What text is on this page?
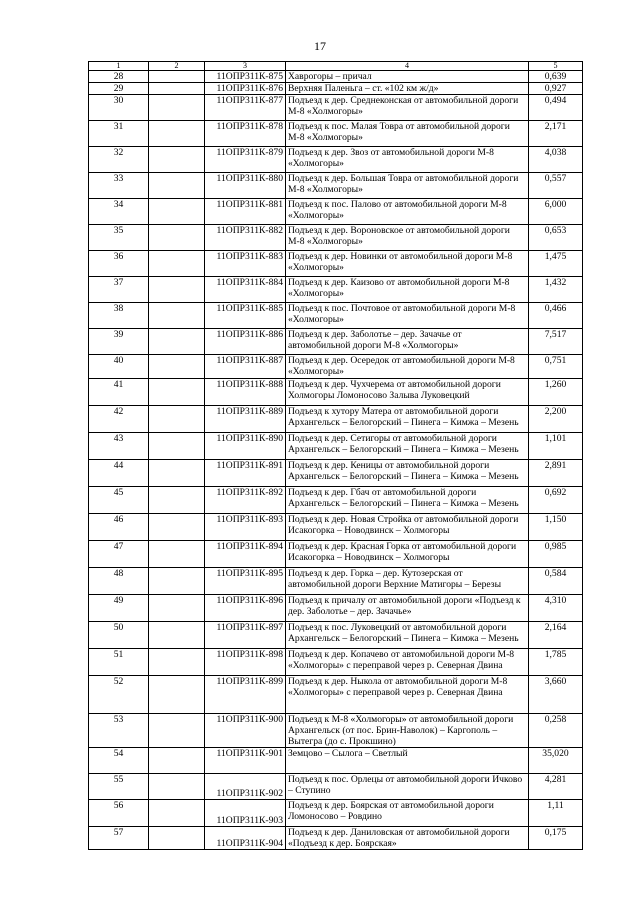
17
1	2	3	4	5
28		11ОПР311К-875	Хаврогоры – причал	0,639
29		11ОПР311К-876	Верхняя Паленьга – ст. «102 км ж/д»	0,927
30		11ОПР311К-877	Подъезд к дер. Среднеконская от автомобильной дороги М-8 «Холмогоры»	0,494
31		11ОПР311К-878	Подъезд к пос. Малая Товра от автомобильной дороги М-8 «Холмогоры»	2,171
32		11ОПР311К-879	Подъезд к дер. Звоз от автомобильной дороги М-8 «Холмогоры»	4,038
33		11ОПР311К-880	Подъезд к дер. Большая Товра от автомобильной дороги М-8 «Холмогоры»	0,557
34		11ОПР311К-881	Подъезд к пос. Палово от автомобильной дороги М-8 «Холмогоры»	6,000
35		11ОПР311К-882	Подъезд к дер. Вороновское от автомобильной дороги М-8 «Холмогоры»	0,653
36		11ОПР311К-883	Подъезд к дер. Новинки от автомобильной дороги М-8 «Холмогоры»	1,475
37		11ОПР311К-884	Подъезд к дер. Каизово от автомобильной дороги М-8 «Холмогоры»	1,432
38		11ОПР311К-885	Подъезд к пос. Почтовое от автомобильной дороги М-8 «Холмогоры»	0,466
39		11ОПР311К-886	Подъезд к дер. Заболотье – дер. Зачачье от автомобильной дороги М-8 «Холмогоры»	7,517
40		11ОПР311К-887	Подъезд к дер. Осередок от автомобильной дороги М-8 «Холмогоры»	0,751
41		11ОПР311К-888	Подъезд к дер. Чухчерема от автомобильной дороги Холмогоры Ломоносово Залыва Луковецкий	1,260
42		11ОПР311К-889	Подъезд к хутору Матера от автомобильной дороги Архангельск – Белогорский – Пинега – Кимжа – Мезень	2,200
43		11ОПР311К-890	Подъезд к дер. Сетигоры от автомобильной дороги Архангельск – Белогорский – Пинега – Кимжа – Мезень	1,101
44		11ОПР311К-891	Подъезд к дер. Кеницы от автомобильной дороги Архангельск – Белогорский – Пинега – Кимжа – Мезень	2,891
45		11ОПР311К-892	Подъезд к дер. Гбач от автомобильной дороги Архангельск – Белогорский – Пинега – Кимжа – Мезень	0,692
46		11ОПР311К-893	Подъезд к дер. Новая Стройка от автомобильной дороги Исакогорка – Новодвинск – Холмогоры	1,150
47		11ОПР311К-894	Подъезд к дер. Красная Горка от автомобильной дороги Исакогорка – Новодвинск – Холмогоры	0,985
48		11ОПР311К-895	Подъезд к дер. Горка – дер. Кутозерская от автомобильной дороги Верхние Матигоры – Березы	0,584
49		11ОПР311К-896	Подъезд к причалу от автомобильной дороги «Подъезд к дер. Заболотье – дер. Зачачье»	4,310
50		11ОПР311К-897	Подъезд к пос. Луковецкий от автомобильной дороги Архангельск – Белогорский – Пинега – Кимжа – Мезень	2,164
51		11ОПР311К-898	Подъезд к дер. Копачево от автомобильной дороги М-8 «Холмогоры» с переправой через р. Северная Двина	1,785
52		11ОПР311К-899	Подъезд к дер. Ныкола от автомобильной дороги М-8 «Холмогоры» с переправой через р. Северная Двина	3,660
53		11ОПР311К-900	Подъезд к М-8 «Холмогоры» от автомобильной дороги Архангельск (от пос. Брин-Наволок) – Каргополь – Вытегра (до с. Прокшино)	0,258
54		11ОПР311К-901	Земцово – Сылога – Светлый	35,020
55		11ОПР311К-902	Подъезд к пос. Орлецы от автомобильной дороги Ичково – Ступино	4,281
56		11ОПР311К-903	Подъезд к дер. Боярская от автомобильной дороги Ломоносово – Ровдино	1,11
57		11ОПР311К-904	Подъезд к дер. Даниловская от автомобильной дороги «Подъезд к дер. Боярская»	0,175
